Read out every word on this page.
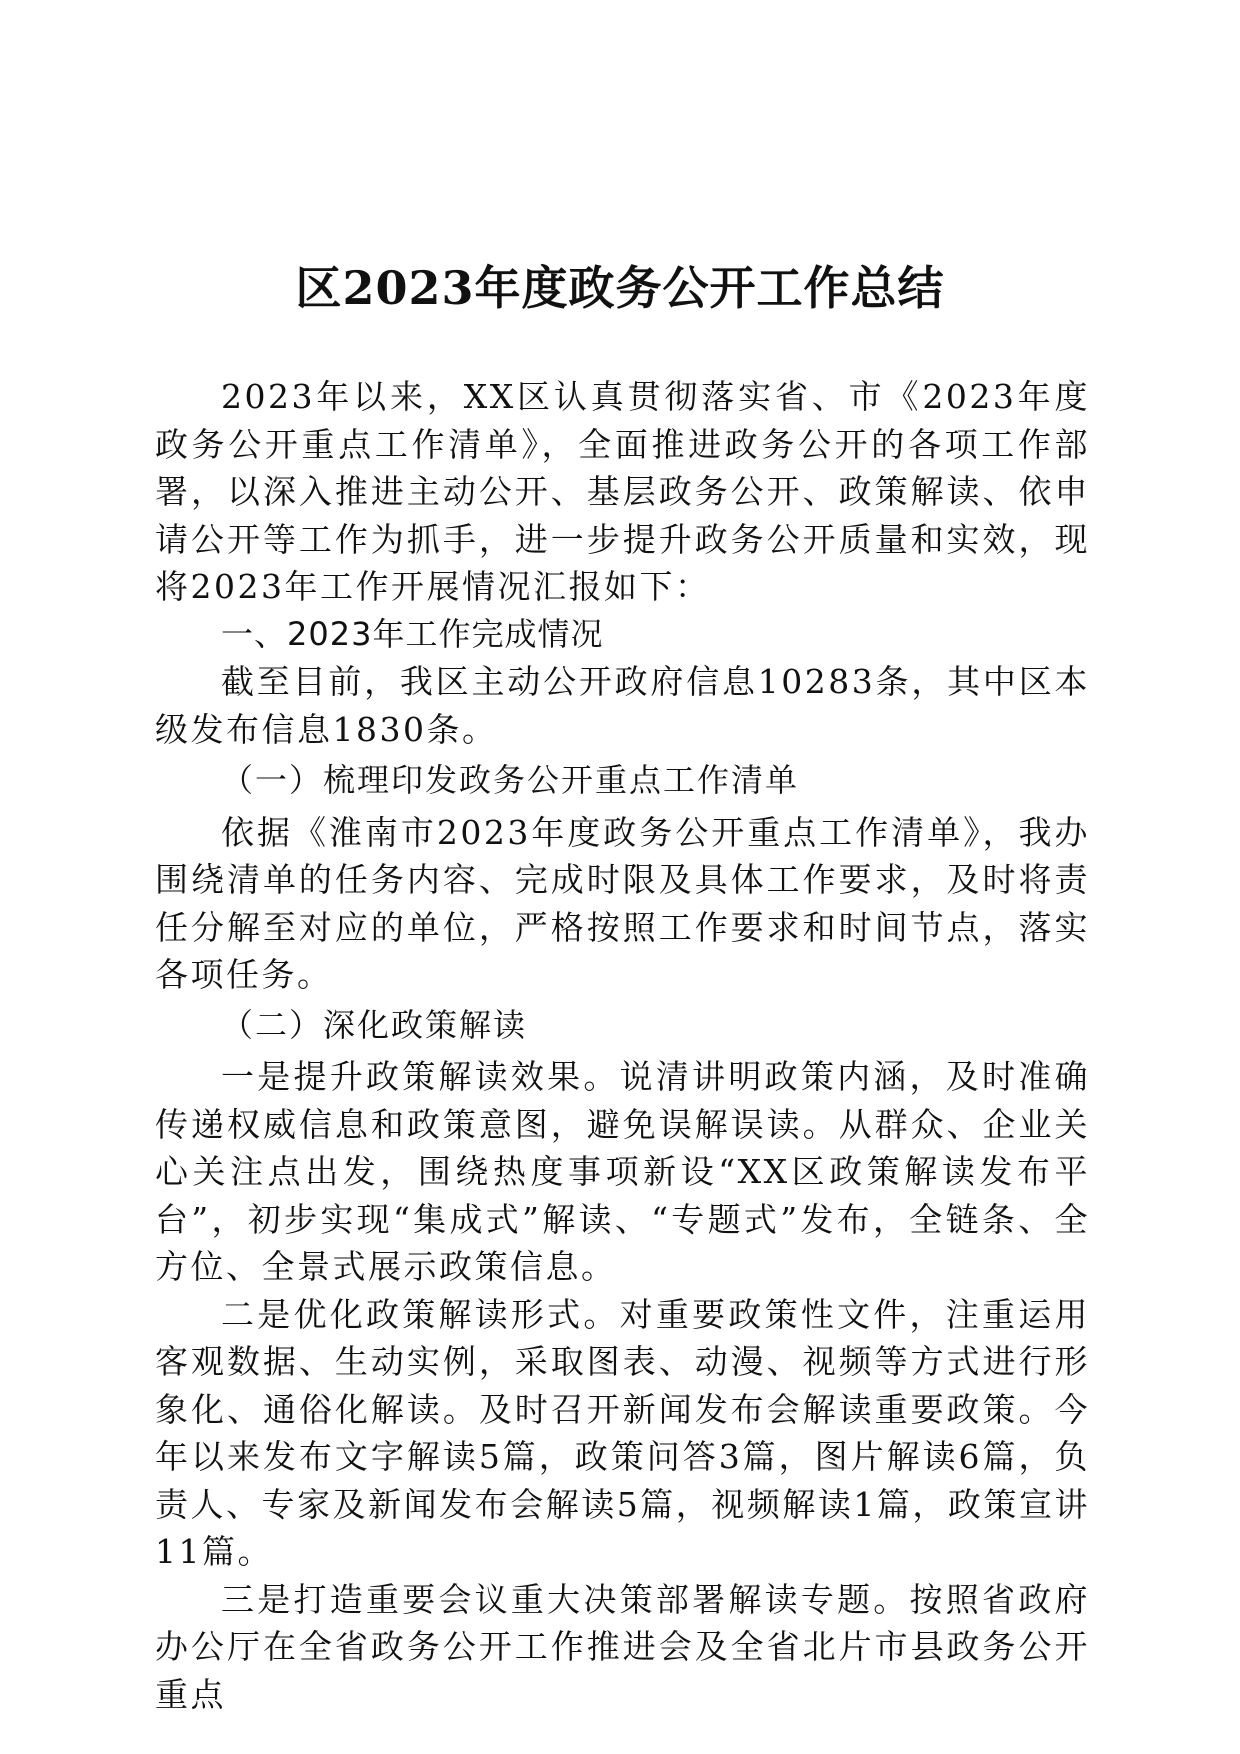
区2023年度政务公开工作总结

2023年以来，XX区认真贯彻落实省、市《2023年度政务公开重点工作清单》，全面推进政务公开的各项工作部署，以深入推进主动公开、基层政务公开、政策解读、依申请公开等工作为抓手，进一步提升政务公开质量和实效，现将2023年工作开展情况汇报如下：

一、2023年工作完成情况

截至目前，我区主动公开政府信息10283条，其中区本级发布信息1830条。

（一）梳理印发政务公开重点工作清单

依据《淮南市2023年度政务公开重点工作清单》，我办围绕清单的任务内容、完成时限及具体工作要求，及时将责任分解至对应的单位，严格按照工作要求和时间节点，落实各项任务。

（二）深化政策解读

一是提升政策解读效果。说清讲明政策内涵，及时准确传递权威信息和政策意图，避免误解误读。从群众、企业关心关注点出发，围绕热度事项新设“XX区政策解读发布平台”，初步实现“集成式”解读、“专题式”发布，全链条、全方位、全景式展示政策信息。

二是优化政策解读形式。对重要政策性文件，注重运用客观数据、生动实例，采取图表、动漫、视频等方式进行形象化、通俗化解读。及时召开新闻发布会解读重要政策。今年以来发布文字解读5篇，政策问答3篇，图片解读6篇，负责人、专家及新闻发布会解读5篇，视频解读1篇，政策宣讲11篇。

三是打造重要会议重大决策部署解读专题。按照省政府办公厅在全省政务公开工作推进会及全省北片市县政务公开重点
